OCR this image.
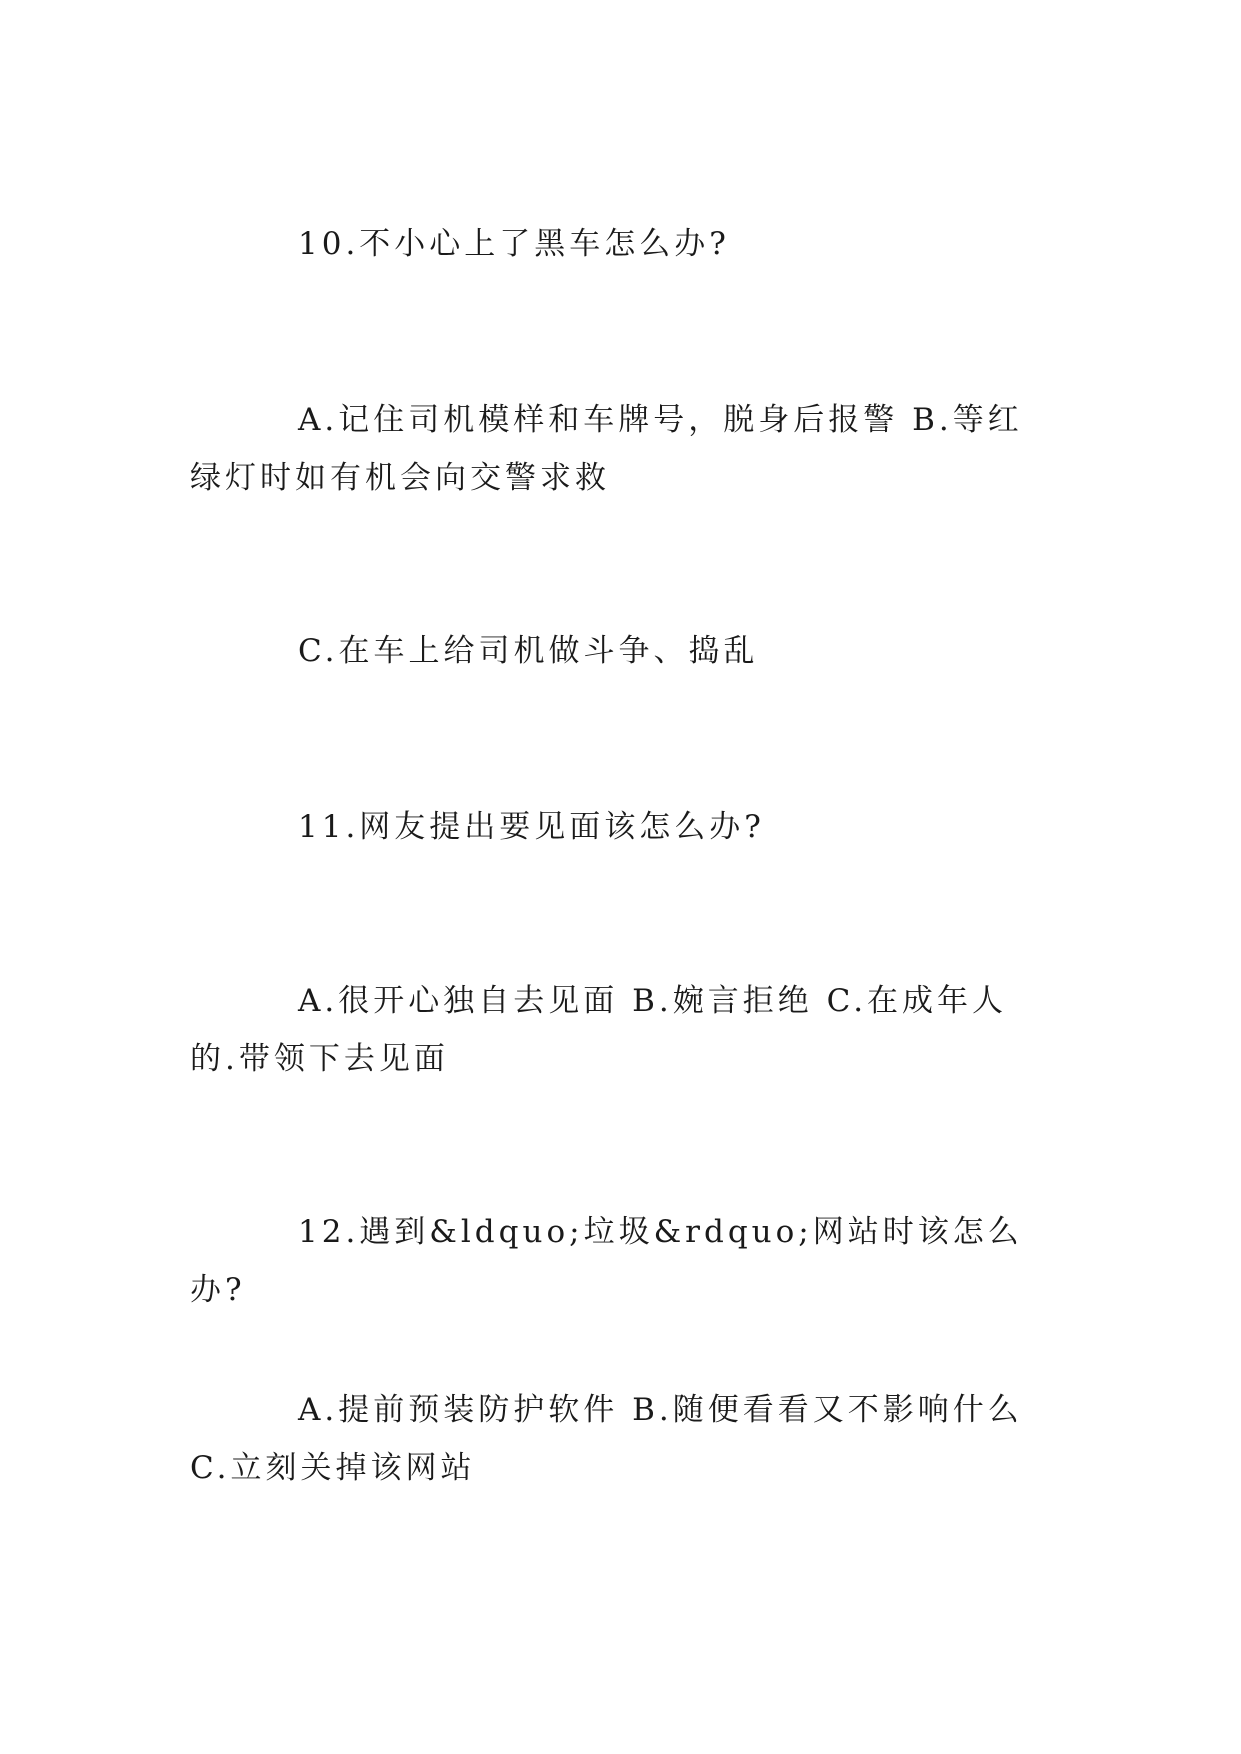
10.不小心上了黑车怎么办?

A.记住司机模样和车牌号，脱身后报警 B.等红绿灯时如有机会向交警求救

C.在车上给司机做斗争、捣乱

11.网友提出要见面该怎么办?

A.很开心独自去见面 B.婉言拒绝 C.在成年人的.带领下去见面

12.遇到&ldquo;垃圾&rdquo;网站时该怎么办?

A.提前预装防护软件 B.随便看看又不影响什么 C.立刻关掉该网站
